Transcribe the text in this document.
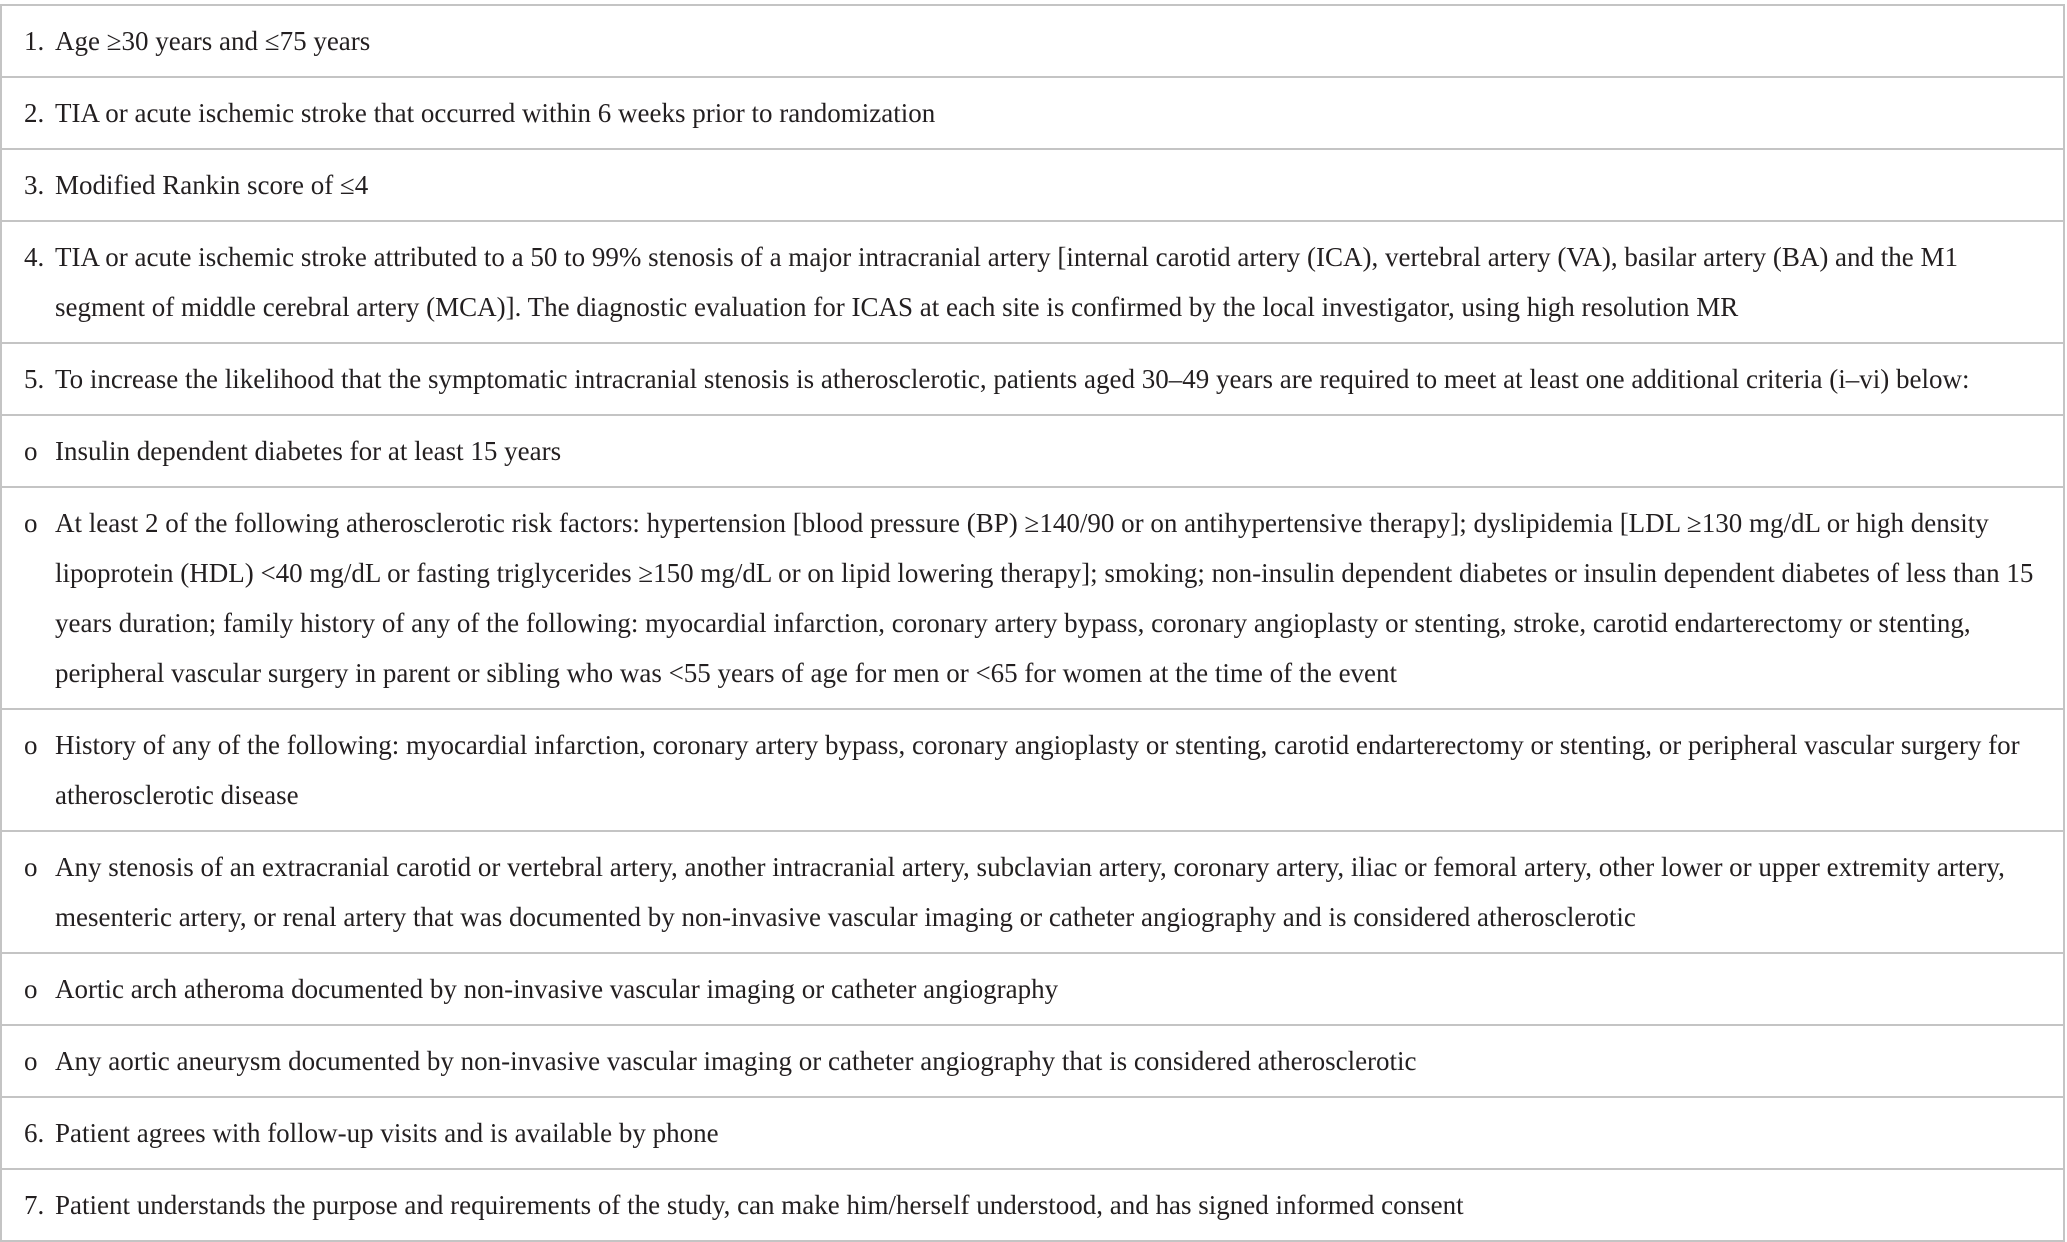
1. Age ≥30 years and ≤75 years

2. TIA or acute ischemic stroke that occurred within 6 weeks prior to randomization

3. Modified Rankin score of ≤4

4. TIA or acute ischemic stroke attributed to a 50 to 99% stenosis of a major intracranial artery [internal carotid artery (ICA), vertebral artery (VA), basilar artery (BA) and the M1 segment of middle cerebral artery (MCA)]. The diagnostic evaluation for ICAS at each site is confirmed by the local investigator, using high resolution MR

5. To increase the likelihood that the symptomatic intracranial stenosis is atherosclerotic, patients aged 30–49 years are required to meet at least one additional criteria (i–vi) below:

o Insulin dependent diabetes for at least 15 years

o At least 2 of the following atherosclerotic risk factors: hypertension [blood pressure (BP) ≥140/90 or on antihypertensive therapy]; dyslipidemia [LDL ≥130 mg/dL or high density lipoprotein (HDL) <40 mg/dL or fasting triglycerides ≥150 mg/dL or on lipid lowering therapy]; smoking; non-insulin dependent diabetes or insulin dependent diabetes of less than 15 years duration; family history of any of the following: myocardial infarction, coronary artery bypass, coronary angioplasty or stenting, stroke, carotid endarterectomy or stenting, peripheral vascular surgery in parent or sibling who was <55 years of age for men or <65 for women at the time of the event

o History of any of the following: myocardial infarction, coronary artery bypass, coronary angioplasty or stenting, carotid endarterectomy or stenting, or peripheral vascular surgery for atherosclerotic disease

o Any stenosis of an extracranial carotid or vertebral artery, another intracranial artery, subclavian artery, coronary artery, iliac or femoral artery, other lower or upper extremity artery, mesenteric artery, or renal artery that was documented by non-invasive vascular imaging or catheter angiography and is considered atherosclerotic

o Aortic arch atheroma documented by non-invasive vascular imaging or catheter angiography

o Any aortic aneurysm documented by non-invasive vascular imaging or catheter angiography that is considered atherosclerotic

6. Patient agrees with follow-up visits and is available by phone

7. Patient understands the purpose and requirements of the study, can make him/herself understood, and has signed informed consent
